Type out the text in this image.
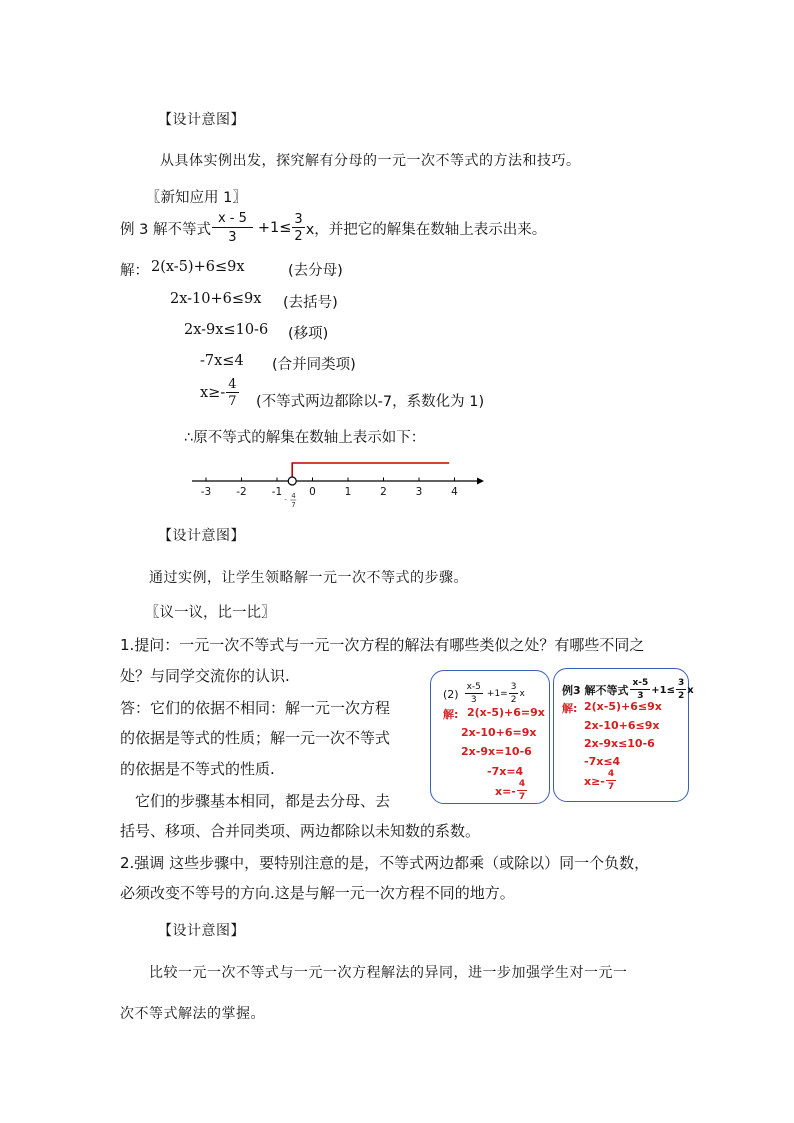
【设计意图】
从具体实例出发，探究解有分母的一元一次不等式的方法和技巧。
〖新知应用 1〗
例 3 解不等式 $\frac{x - 5}{3} +1\le \frac{3}{2}$ x，并把它的解集在数轴上表示出来。
解： 2(x-5)+6≤9x	(去分母)
2x-10+6≤9x (去括号)
2x-9x≤10-6 (移项)
-7x≤4 (合并同类项)
$x\ge- \frac{4}{7}$ (不等式两边都除以-7，系数化为 1)
∴原不等式的解集在数轴上表示如下：
-3 -2 -1	0	1	2	3	4
- 4
7
【设计意图】
通过实例，让学生领略解一元一次不等式的步骤。
〖议一议，比一比〗
1.提问：一元一次不等式与一元一次方程的解法有哪些类似之处？有哪些不同之
处？与同学交流你的认识.
答：它们的依据不相同：解一元一次方程
的依据是等式的性质；解一元一次不等式
的依据是不等式的性质.
它们的步骤基本相同，都是去分母、去
括号、移项、合并同类项、两边都除以未知数的系数。
2.强调 这些步骤中，要特别注意的是，不等式两边都乘（或除以）同一个负数，
必须改变不等号的方向.这是与解一元一次方程不同的地方。
$(2) \frac{x-5}{3} +1= \frac{3}{2}$ x
解: 2(x-5)+6=9x
2x-10+6=9x
2x-9x=10-6
-7x=4
$x=- \frac{4}{7}$
例3 解不等式 $\frac{x-5}{3} +1\le \frac{3}{2}$ x
解: 2(x-5)+6≤9x
2x-10+6≤9x
2x-9x≤10-6
-7x≤4
$x\ge- \frac{4}{7}$
【设计意图】
比较一元一次不等式与一元一次方程解法的异同，进一步加强学生对一元一
次不等式解法的掌握。
